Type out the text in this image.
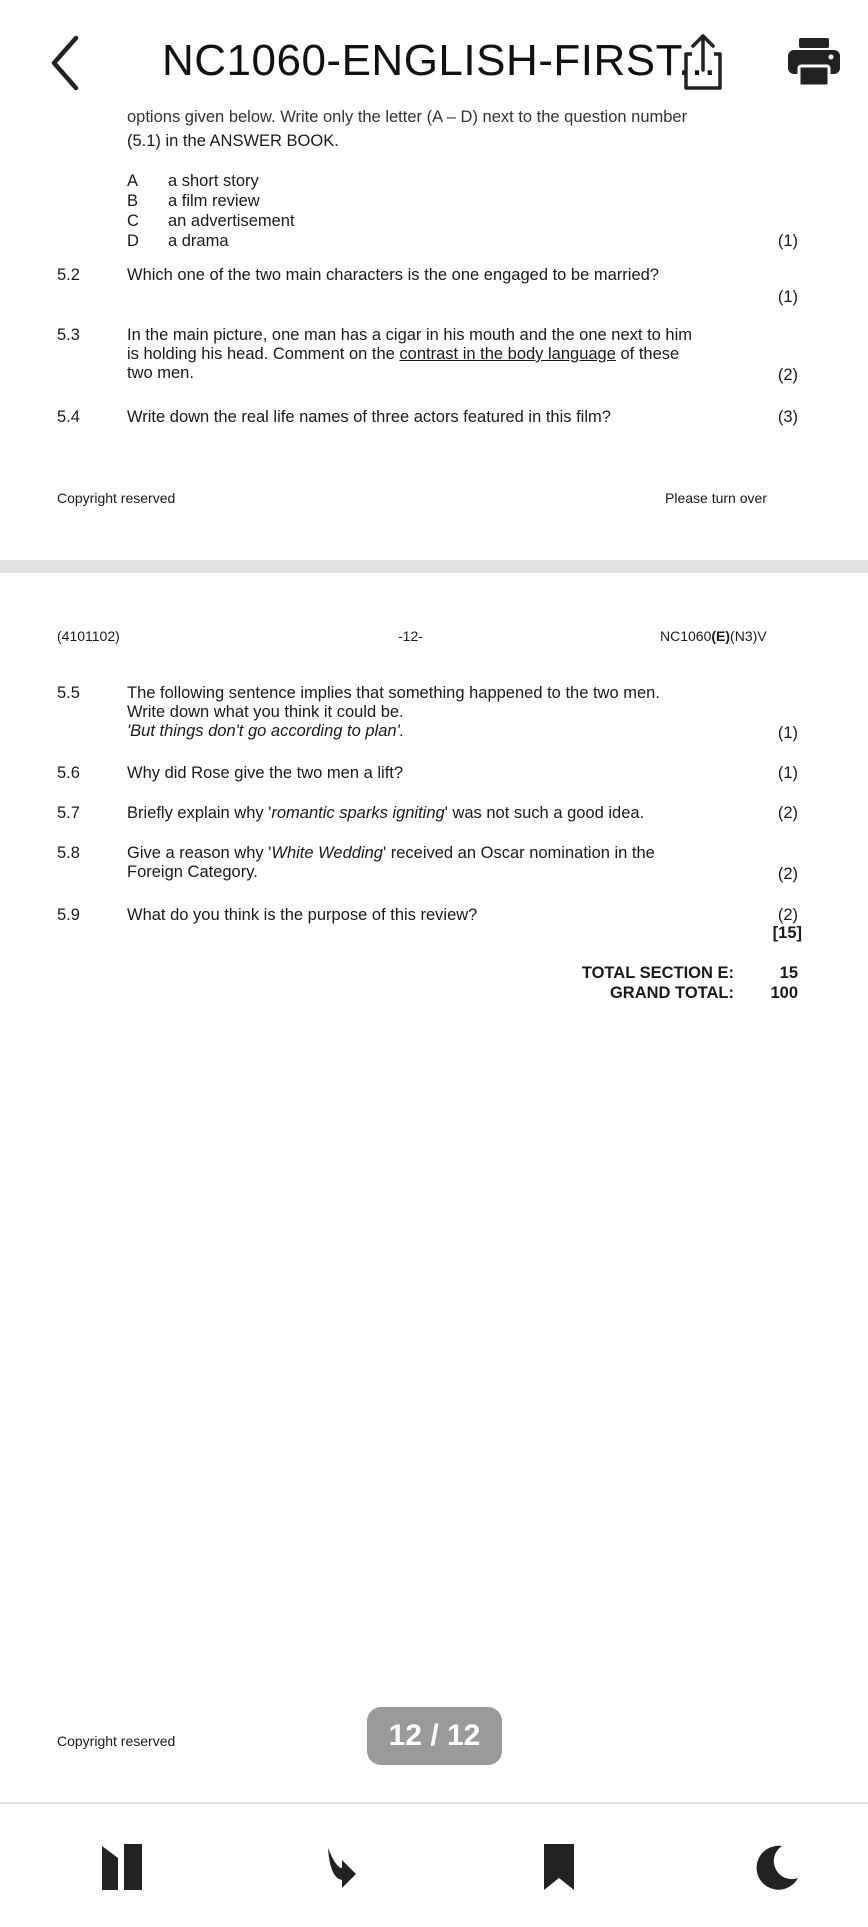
NC1060-ENGLISH-FIRST...
options given below. Write only the letter (A – D) next to the question number
(5.1) in the ANSWER BOOK.
A a short story
B a film review
C an advertisement
D a drama	(1)
5.2	Which one of the two main characters is the one engaged to be married?
(1)
5.3	In the main picture, one man has a cigar in his mouth and the one next to him
is holding his head. Comment on the contrast in the body language of these
two men.	(2)
5.4	Write down the real life names of three actors featured in this film?	(3)
Copyright reserved	Please turn over
(4101102)	-12-	NC1060(E)(N3)V
5.5	The following sentence implies that something happened to the two men.
Write down what you think it could be.
'But things don't go according to plan'.	(1)
5.6	Why did Rose give the two men a lift?	(1)
5.7	Briefly explain why 'romantic sparks igniting' was not such a good idea.	(2)
5.8	Give a reason why 'White Wedding' received an Oscar nomination in the
Foreign Category.	(2)
5.9	What do you think is the purpose of this review?	(2)
[15]
TOTAL SECTION E:	15
GRAND TOTAL:	100
Copyright reserved	12 / 12
